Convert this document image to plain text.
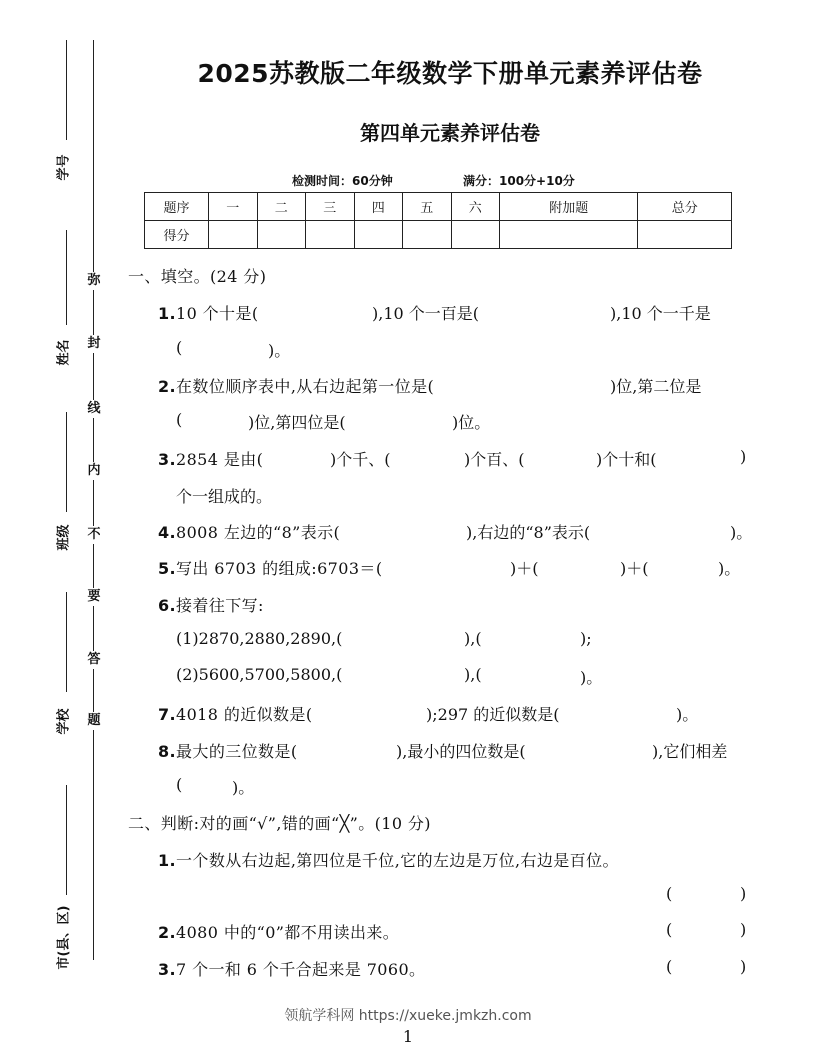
学号
姓名
班级
学校
市(县、区)
弥
封
线
内
不
要
答
题
2025苏教版二年级数学下册单元素养评估卷
第四单元素养评估卷
检测时间：60分钟	满分：100分+10分
题序	一	二	三	四	五	六	附加题	总分
得分								
一、填空。(24 分)
1.10 个十是(	),10 个一百是(	),10 个一千是
(	)。
2.在数位顺序表中,从右边起第一位是(	)位,第二位是
(	)位,第四位是(	)位。
3.2854 是由(	)个千、(	)个百、(	)个十和(	)
个一组成的。
4.8008 左边的“8”表示(	),右边的“8”表示(	)。
5.写出 6703 的组成:6703＝(	)＋(	)＋(	)。
6.接着往下写:
(1)2870,2880,2890,(	),(	);
(2)5600,5700,5800,(	),(	)。
7.4018 的近似数是(	);297 的近似数是(	)。
8.最大的三位数是(	),最小的四位数是(	),它们相差
(	)。
二、判断:对的画“√”,错的画“╳”。(10 分)
1.一个数从右边起,第四位是千位,它的左边是万位,右边是百位。
(	)
2.4080 中的“0”都不用读出来。	(	)
3.7 个一和 6 个千合起来是 7060。	(	)
领航学科网 https://xueke.jmkzh.com
1
